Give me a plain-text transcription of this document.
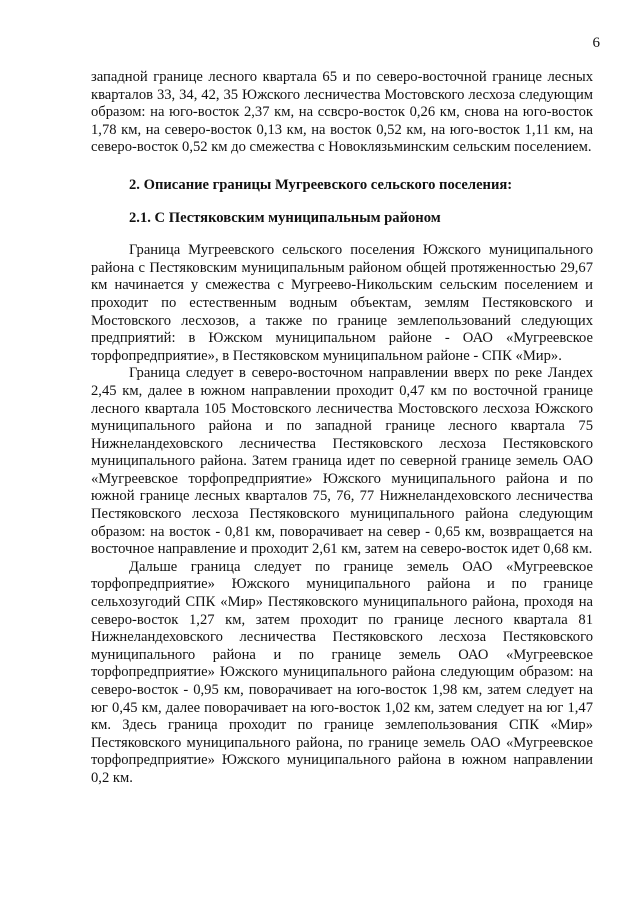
6

западной границе лесного квартала 65 и по северо-восточной границе лесных кварталов 33, 34, 42, 35 Южского лесничества Мостовского лесхоза следующим образом: на юго-восток 2,37 км, на ссвсро-восток 0,26 км, снова на юго-восток 1,78 км, на северо-восток 0,13 км, на восток 0,52 км, на юго-восток 1,11 км, на северо-восток 0,52 км до смежества с Новоклязьминским сельским поселением.

2. Описание границы Мугреевского сельского поселения:

2.1. С Пестяковским муниципальным районом

Граница Мугреевского сельского поселения Южского муниципального района с Пестяковским муниципальным районом общей протяженностью 29,67 км начинается у смежества с Мугреево-Никольским сельским поселением и проходит по естественным водным объектам, землям Пестяковского и Мостовского лесхозов, а также по границе землепользований следующих предприятий: в Южском муниципальном районе - ОАО «Мугреевское торфопредприятие», в Пестяковском муниципальном районе - СПК «Мир».

Граница следует в северо-восточном направлении вверх по реке Ландех 2,45 км, далее в южном направлении проходит 0,47 км по восточной границе лесного квартала 105 Мостовского лесничества Мостовского лесхоза Южского муниципального района и по западной границе лесного квартала 75 Нижнеландеховского лесничества Пестяковского лесхоза Пестяковского муниципального района. Затем граница идет по северной границе земель ОАО «Мугреевское торфопредприятие» Южского муниципального района и по южной границе лесных кварталов 75, 76, 77 Нижнеландеховского лесничества Пестяковского лесхоза Пестяковского муниципального района следующим образом: на восток - 0,81 км, поворачивает на сeвер - 0,65 км, возвращается на восточное направление и проходит 2,61 км, затем на северо-восток идет 0,68 км.

Дальше граница следует по границе земель ОАО «Мугреевское торфопредприятие» Южского муниципального района и по границе сельхозугодий СПК «Мир» Пестяковского муниципального района, проходя на северо-восток 1,27 км, затем проходит по границе лесного квартала 81 Нижнеландеховского лесничества Пестяковского лесхоза Пестяковского муниципального района и по границе земель ОАО «Мугреевское торфопредприятие» Южского муниципального района следующим образом: на северо-восток - 0,95 км, поворачивает на юго-восток 1,98 км, затем следует на юг 0,45 км, далее поворачивает на юго-восток 1,02 км, затем следует на юг 1,47 км. Здесь граница проходит по границе землепользования СПК «Мир» Пестяковского муниципального района, по границе земель ОАО «Мугреевское торфопредприятие» Южского муниципального района в южном направлении 0,2 км.
